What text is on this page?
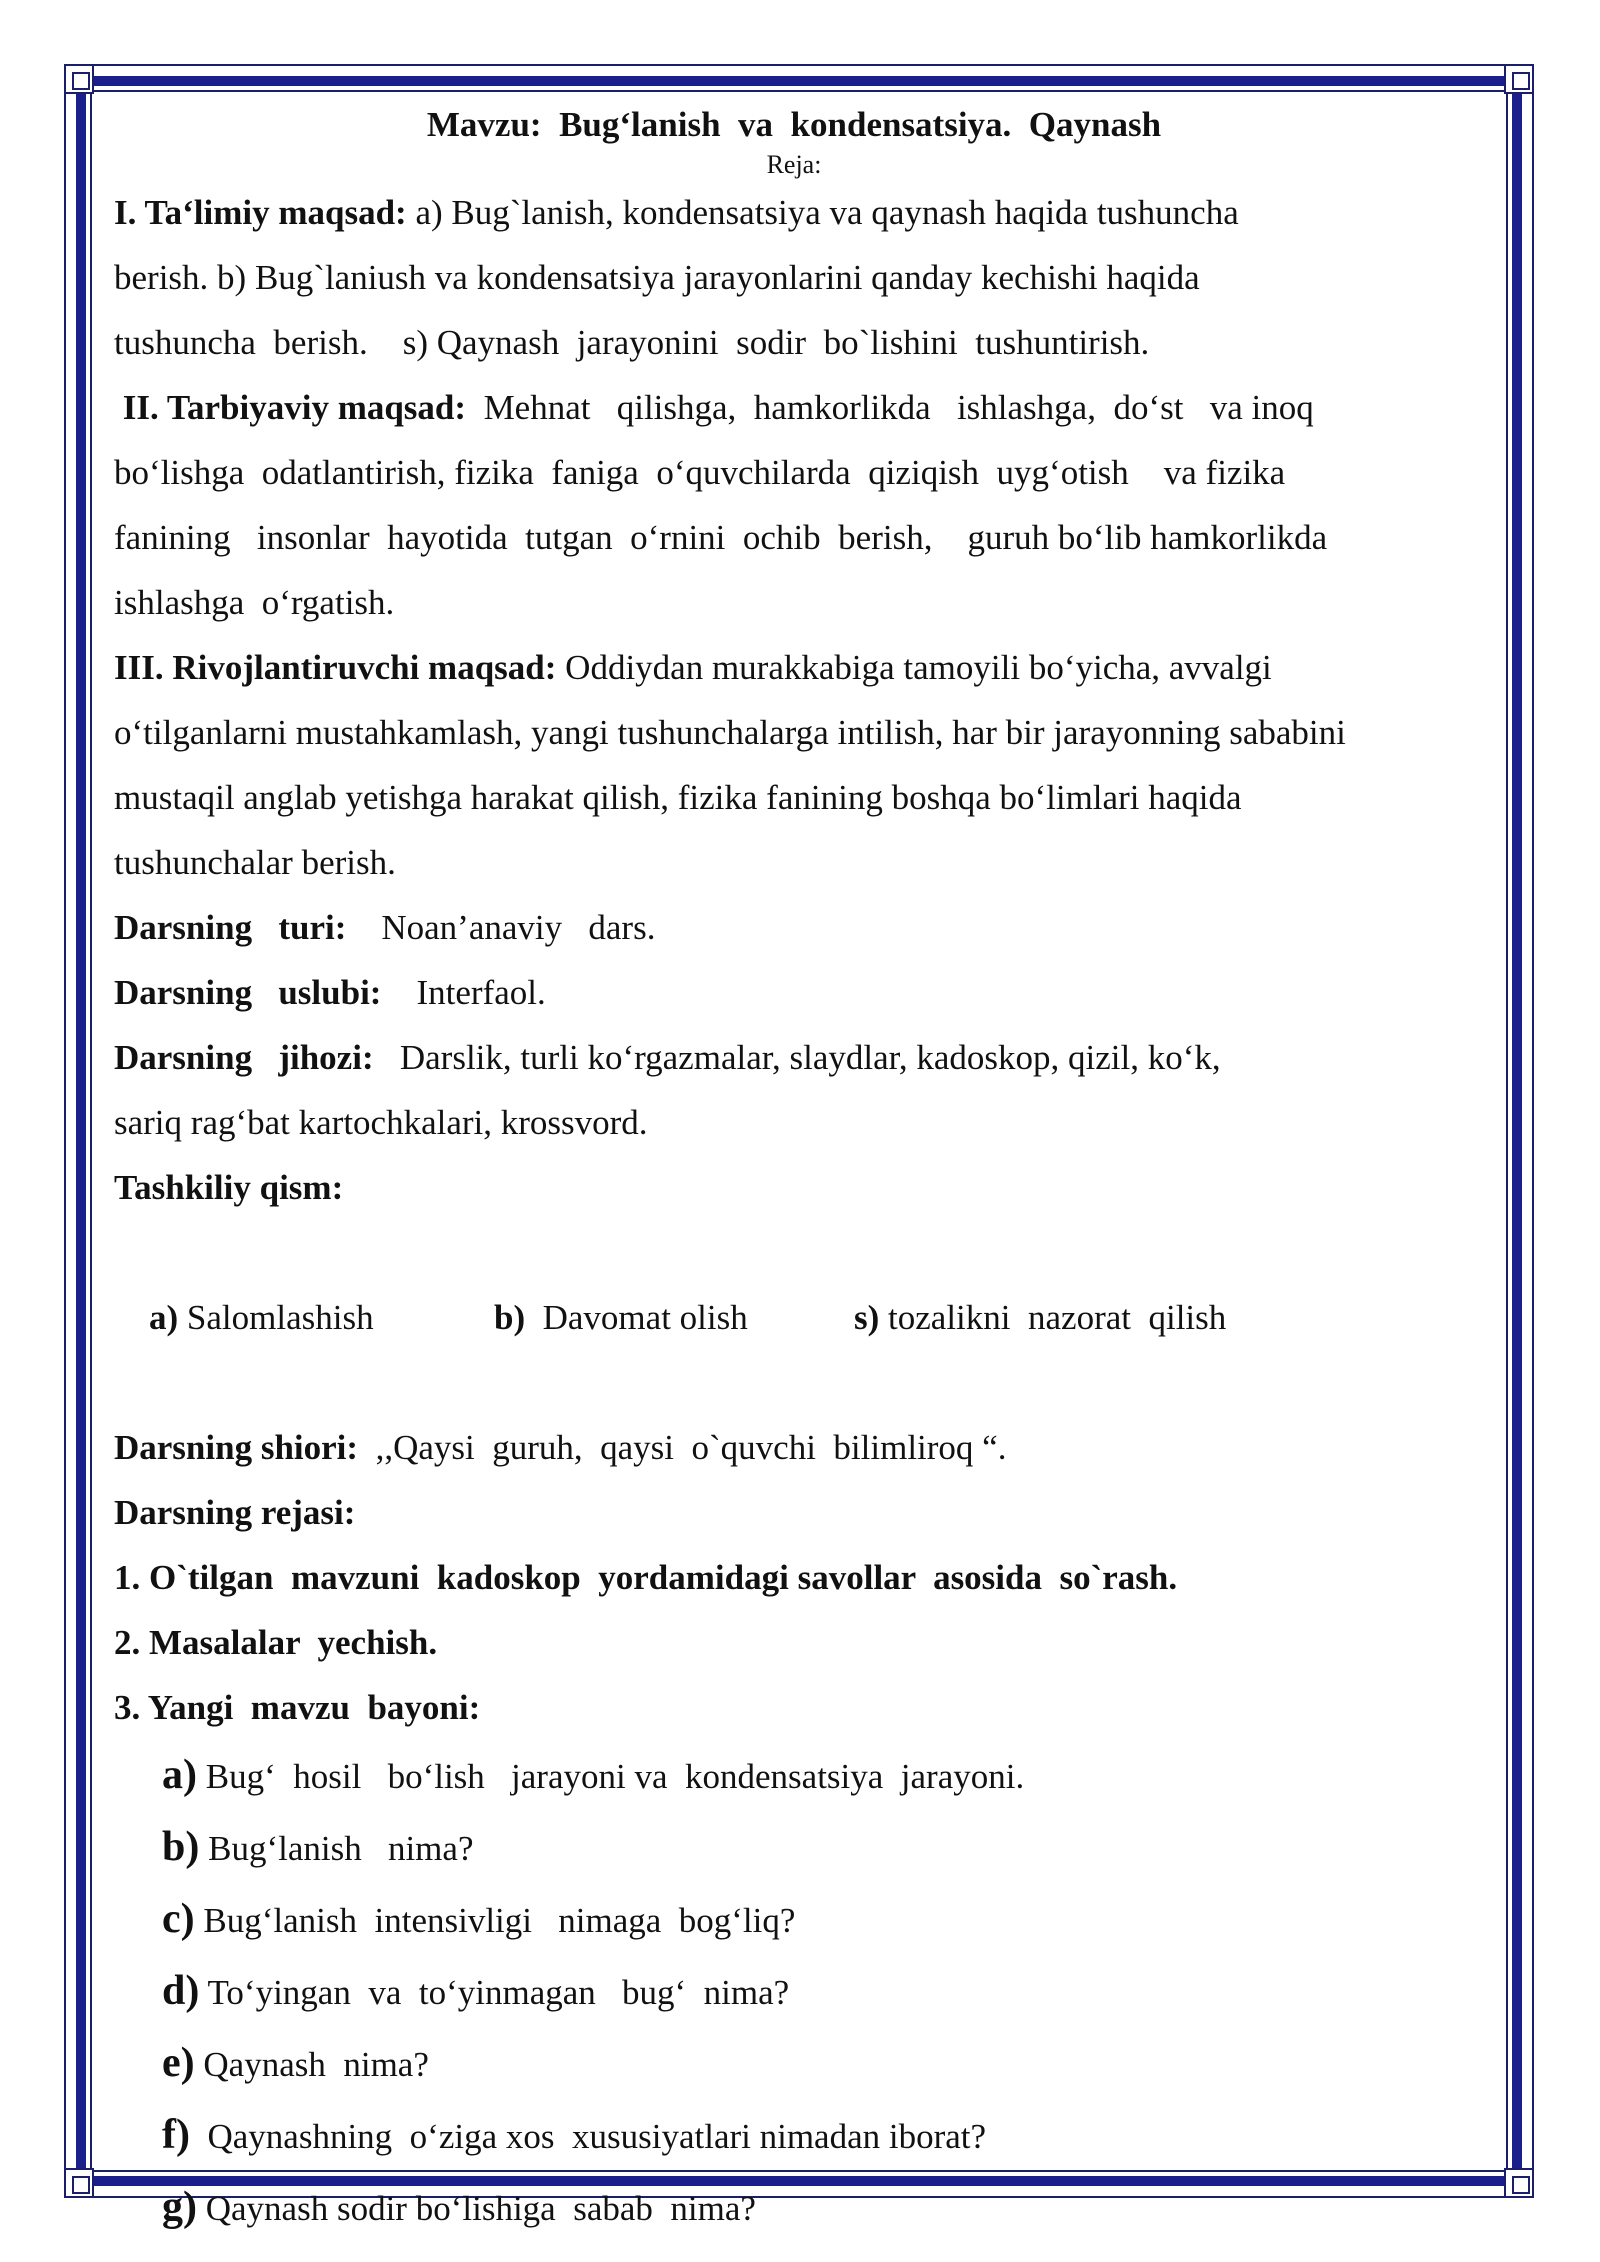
Mavzu:  Bug‘lanish  va  kondensatsiya.  Qaynash
Reja:
I. Ta‘limiy maqsad: a) Bug`lanish, kondensatsiya va qaynash haqida tushuncha
berish. b) Bug`laniush va kondensatsiya jarayonlarini qanday kechishi haqida
tushuncha  berish.    s) Qaynash  jarayonini  sodir  bo`lishini  tushuntirish.
II. Tarbiyaviy maqsad:  Mehnat   qilishga,  hamkorlikda   ishlashga,  do‘st   va inoq
bo‘lishga  odatlantirish, fizika  faniga  o‘quvchilarda  qiziqish  uyg‘otish    va fizika
fanining   insonlar  hayotida  tutgan  o‘rnini  ochib  berish,    guruh bo‘lib hamkorlikda
ishlashga  o‘rgatish.
III. Rivojlantiruvchi maqsad: Oddiydan murakkabiga tamoyili bo‘yicha, avvalgi
o‘tilganlarni mustahkamlash, yangi tushunchalarga intilish, har bir jarayonning sababini
mustaqil anglab yetishga harakat qilish, fizika fanining boshqa bo‘limlari haqida
tushunchalar berish.
Darsning   turi:    Noan’anaviy   dars.
Darsning   uslubi:    Interfaol.
Darsning   jihozi:   Darslik, turli ko‘rgazmalar, slaydlar, kadoskop, qizil, ko‘k,
sariq rag‘bat kartochkalari, krossvord.
Tashkiliy qism:

a) Salomlashish	b)  Davomat olish	s) tozalikni  nazorat  qilish

Darsning shiori:  ,,Qaysi  guruh,  qaysi  o`quvchi  bilimliroq “.
Darsning rejasi:
1. O`tilgan  mavzuni  kadoskop  yordamidagi savollar  asosida  so`rash.
2. Masalalar  yechish.
3. Yangi  mavzu  bayoni:
a) Bug‘  hosil   bo‘lish   jarayoni va  kondensatsiya  jarayoni.
b) Bug‘lanish   nima?
c) Bug‘lanish  intensivligi   nimaga  bog‘liq?
d) To‘yingan  va  to‘yinmagan   bug‘  nima?
e) Qaynash  nima?
f)  Qaynashning  o‘ziga xos  xususiyatlari nimadan iborat?
g) Qaynash sodir bo‘lishiga  sabab  nima?
